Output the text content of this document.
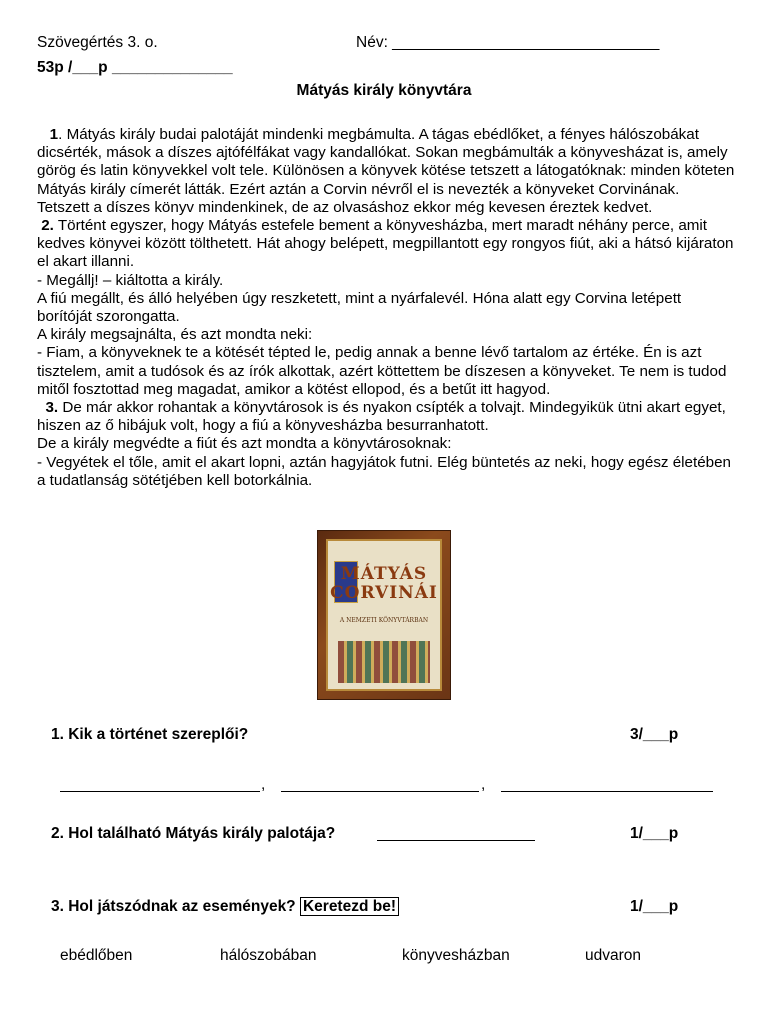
Szövegértés 3. o.	Név: _______________________________
53p /___p ______________
Mátyás király könyvtára

1. Mátyás király budai palotáját mindenki megbámulta. A tágas ebédlőket, a fényes hálószobákat dicsérték, mások a díszes ajtófélfákat vagy kandallókat. Sokan megbámulták a könyvesházat is, amely görög és latin könyvekkel volt tele. Különösen a könyvek kötése tetszett a látogatóknak: minden köteten Mátyás király címerét látták. Ezért aztán a Corvin névről el is nevezték a könyveket Corvinának.

Tetszett a díszes könyv mindenkinek, de az olvasáshoz ekkor még kevesen éreztek kedvet.

2. Történt egyszer, hogy Mátyás estefele bement a könyvesházba, mert maradt néhány perce, amit kedves könyvei között tölthetett. Hát ahogy belépett, megpillantott egy rongyos fiút, aki a hátsó kijáraton el akart illanni.

- Megállj! – kiáltotta a király.

A fiú megállt, és álló helyében úgy reszketett, mint a nyárfalevél. Hóna alatt egy Corvina letépett borítóját szorongatta.

A király megsajnálta, és azt mondta neki:

- Fiam, a könyveknek te a kötését tépted le, pedig annak a benne lévő tartalom az értéke. Én is azt tisztelem, amit a tudósok és az írók alkottak, azért köttettem be díszesen a könyveket. Te nem is tudod mitől fosztottad meg magadat, amikor a kötést ellopod, és a betűt itt hagyod.

3. De már akkor rohantak a könyvtárosok is és nyakon csípték a tolvajt. Mindegyikük ütni akart egyet, hiszen az ő hibájuk volt, hogy a fiú a könyvesházba besurranhatott.

De a király megvédte a fiút és azt mondta a könyvtárosoknak:

- Vegyétek el tőle, amit el akart lopni, aztán hagyjátok futni. Elég büntetés az neki, hogy egész életében a tudatlanság sötétjében kell botorkálnia.

MÁTYÁS
CORVINÁI
A NEMZETI KÖNYVTÁRBAN
1. Kik a történet szereplői?	3/___p
,	,
2. Hol található Mátyás király palotája?	1/___p
3. Hol játszódnak az események? Keretezd be!	1/___p
ebédlőben	hálószobában	könyvesházban	udvaron
